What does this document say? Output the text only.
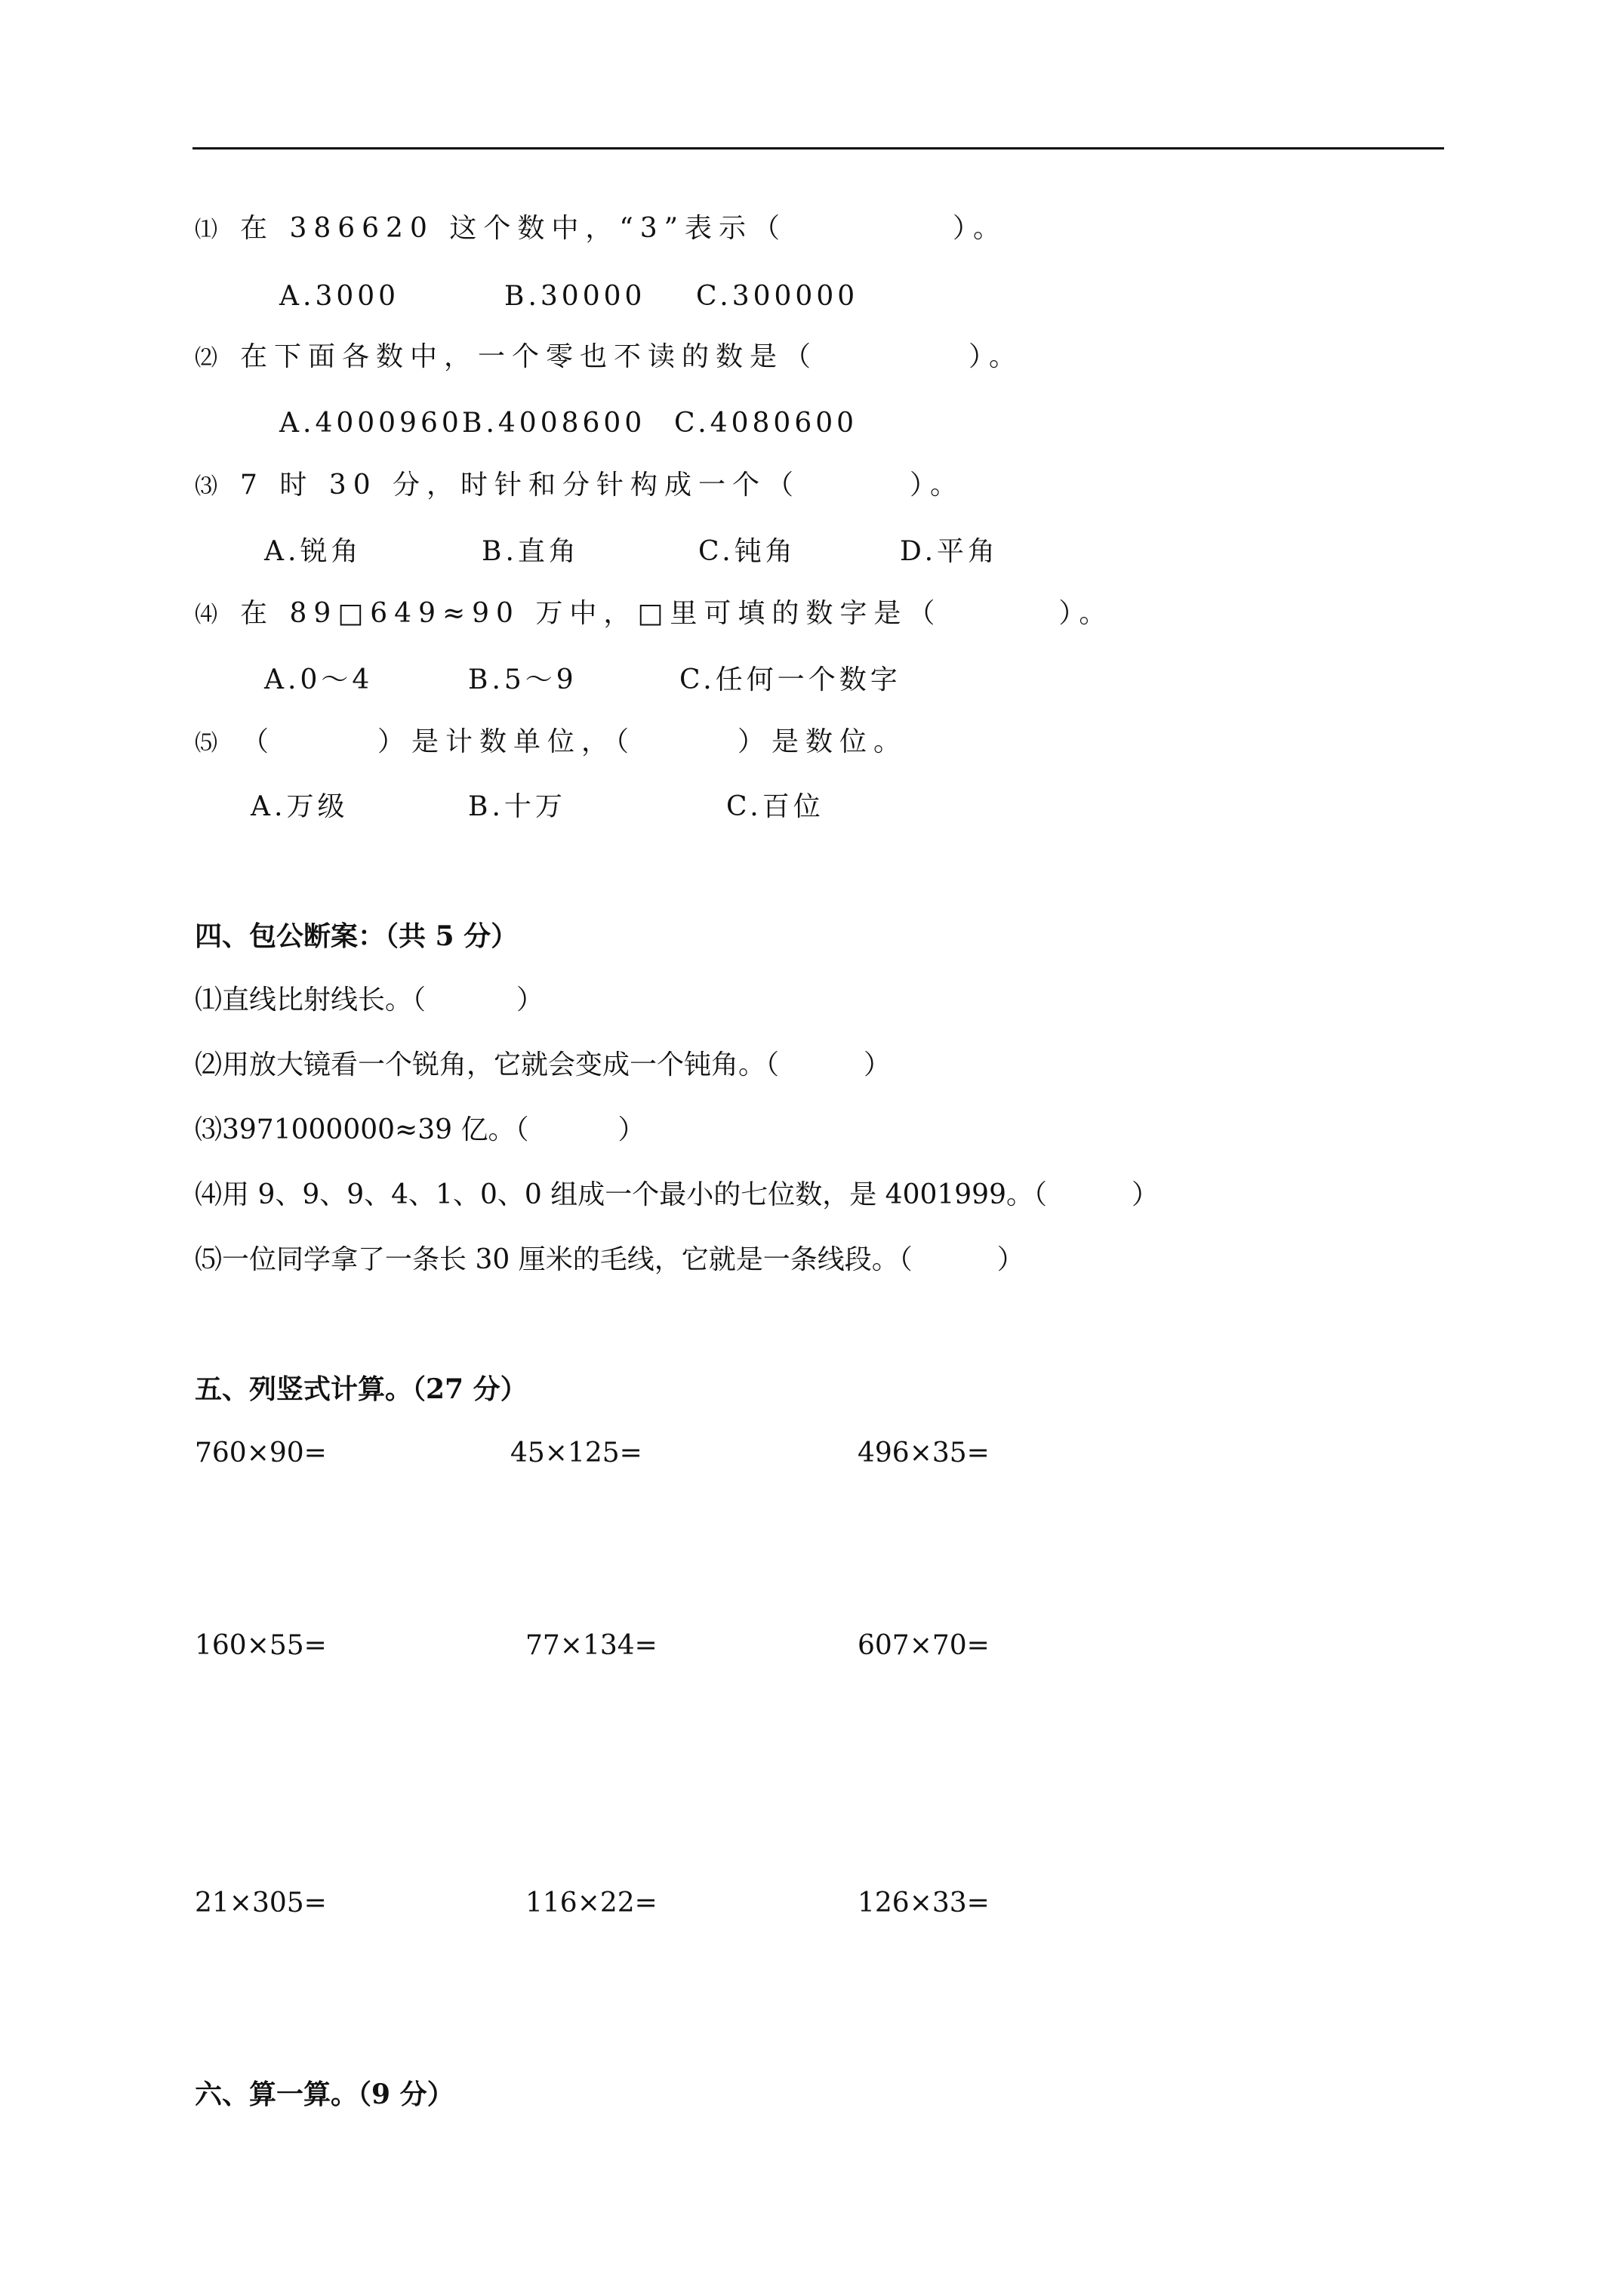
⑴ 在 386620 这个数中，“3”表示（	）。
A.3000	B.30000 C.300000
⑵ 在下面各数中，一个零也不读的数是（	）。
A.4000960 B.4008600 C.4080600
⑶ 7 时 30 分，时针和分针构成一个（	）。
A.锐角	B.直角	C.钝角	D.平角
⑷ 在 89□649≈90 万中，□里可填的数字是（	）。
A.0～4	B.5～9	C.任何一个数字
⑸ （	）是计数单位，（	）是数位。
A.万级	B.十万	C.百位
四、包公断案：（共 5 分）
⑴直线比射线长。（	）
⑵用放大镜看一个锐角，它就会变成一个钝角。（	）
⑶3971000000≈39 亿。（	）
⑷用 9、9、9、4、1、0、0 组成一个最小的七位数，是 4001999。（	）
⑸一位同学拿了一条长 30 厘米的毛线，它就是一条线段。（	）
五、列竖式计算。（27 分）
760×90=	45×125=	496×35=
160×55=	77×134=	607×70=
21×305=	116×22=	126×33=
六、算一算。（9 分）
